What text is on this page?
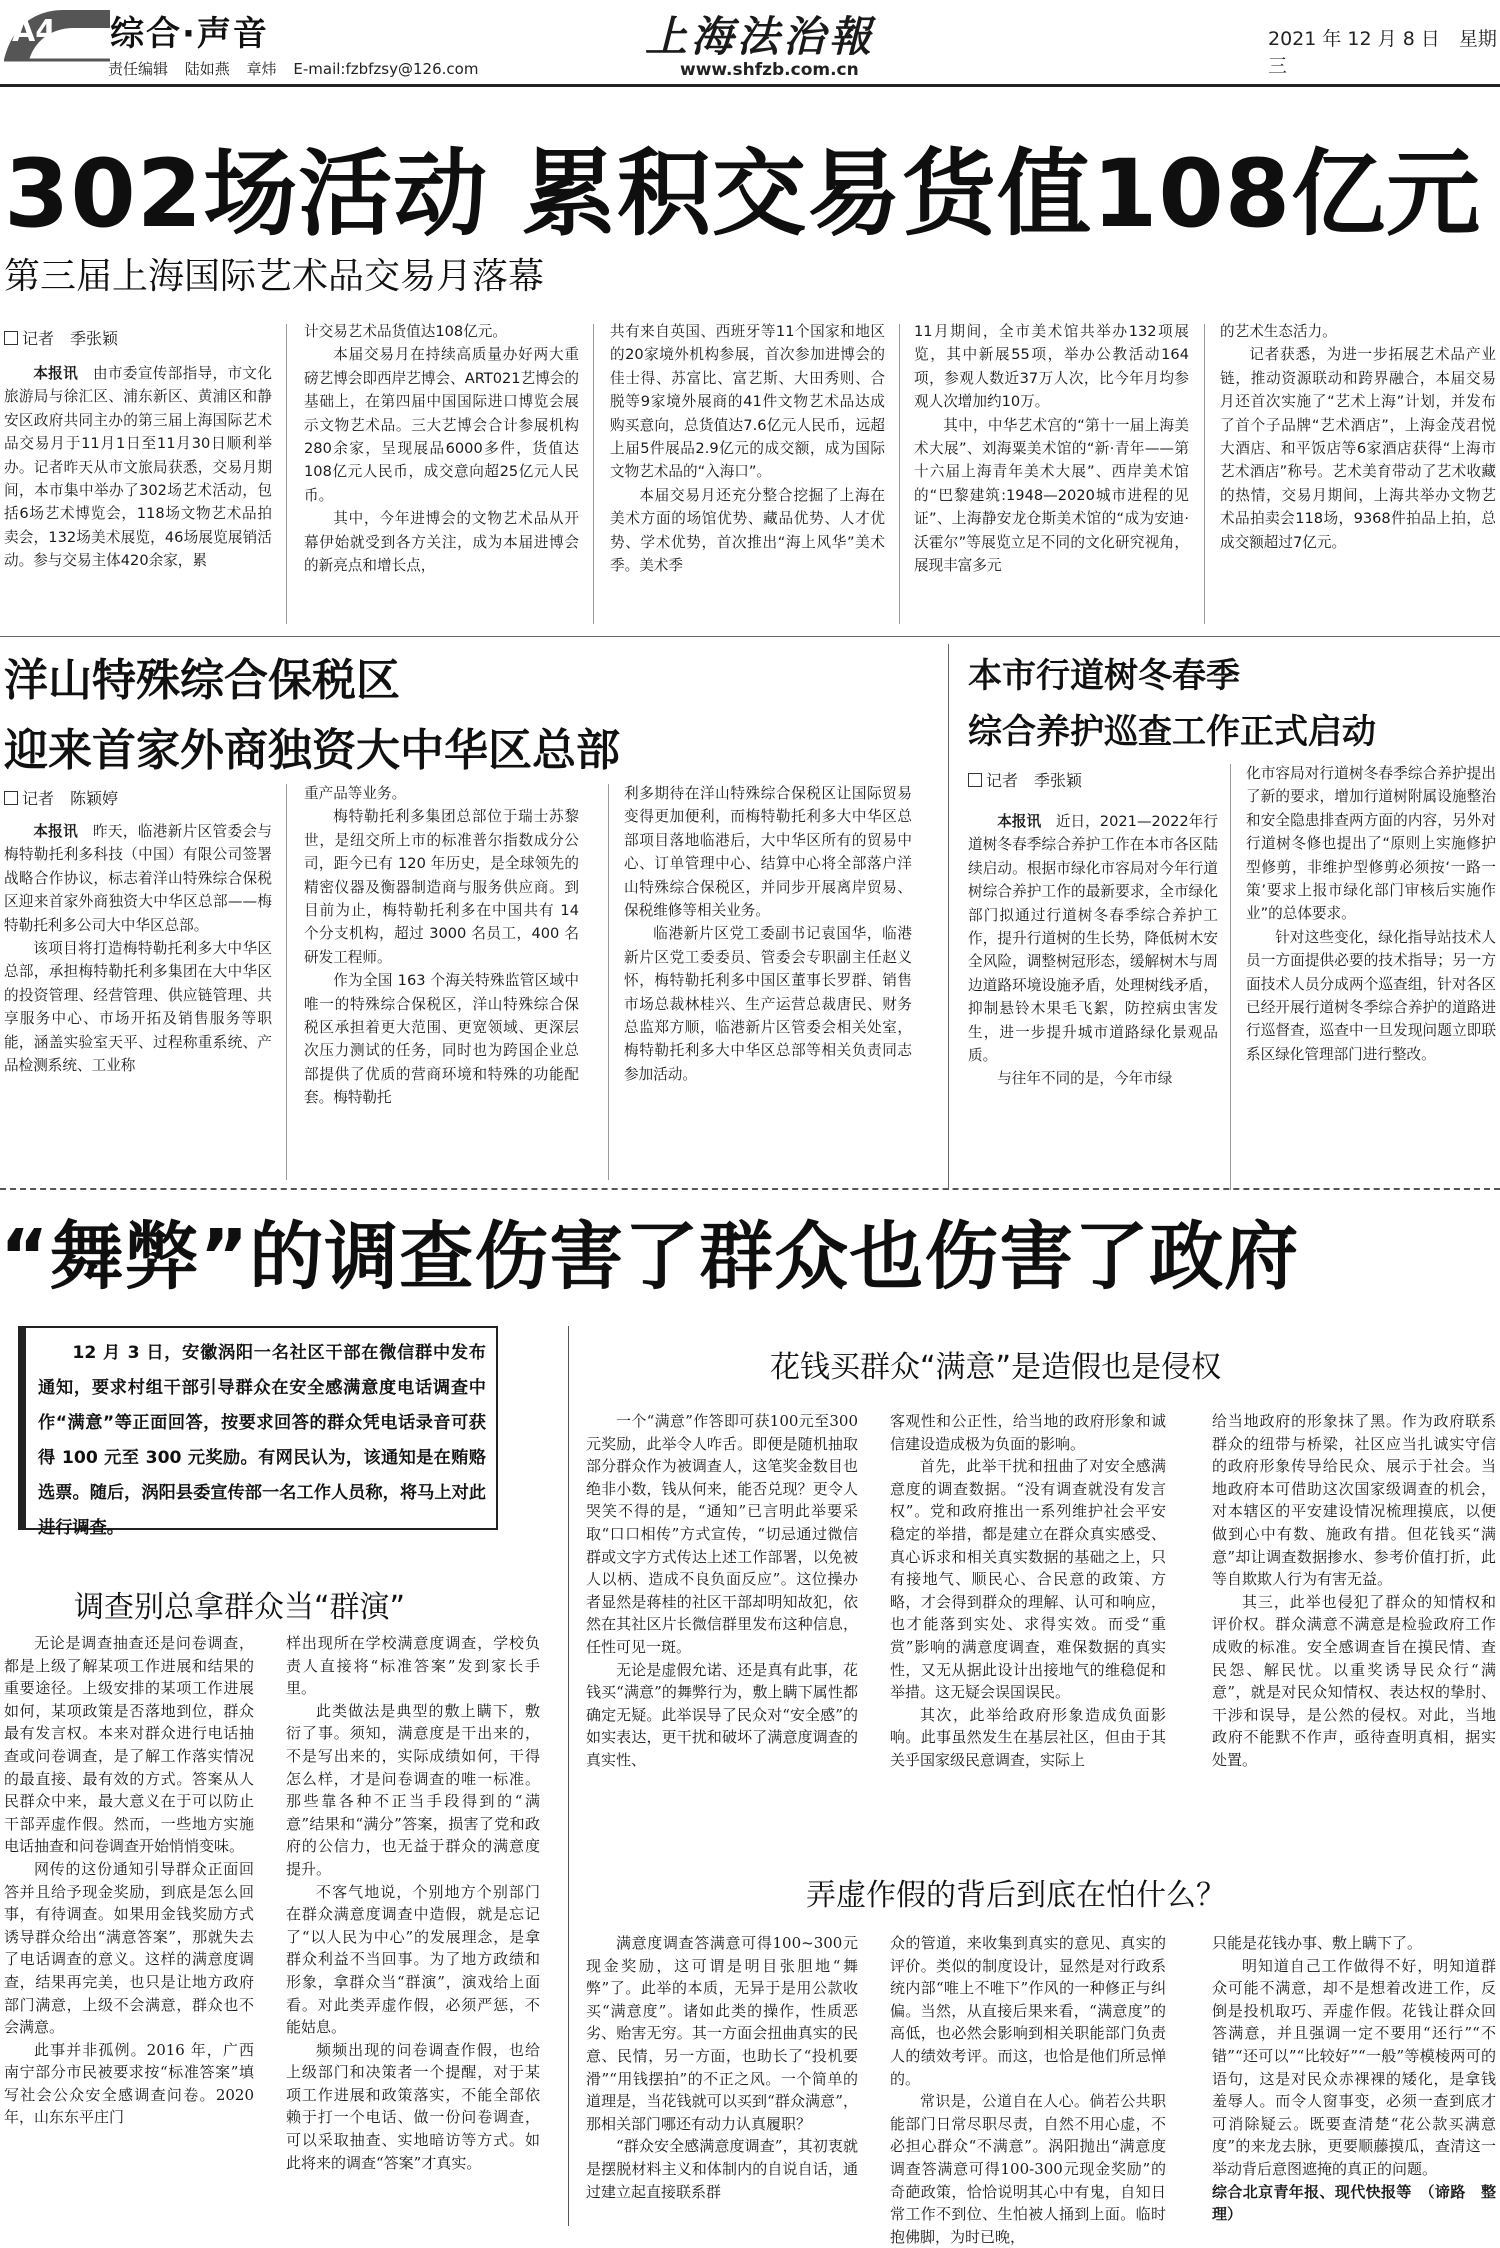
A4 综合·声音
责任编辑 陆如燕 章炜 E-mail:fzbfzsy@126.com
上海法治報
www.shfzb.com.cn
2021 年 12 月 8 日　星期三
302场活动 累积交易货值108亿元
第三届上海国际艺术品交易月落幕
记者　季张颖

本报讯　由市委宣传部指导，市文化旅游局与徐汇区、浦东新区、黄浦区和静安区政府共同主办的第三届上海国际艺术品交易月于11月1日至11月30日顺利举办。记者昨天从市文旅局获悉，交易月期间，本市集中举办了302场艺术活动，包括6场艺术博览会，118场文物艺术品拍卖会，132场美术展览，46场展览展销活动。参与交易主体420余家，累

计交易艺术品货值达108亿元。

本届交易月在持续高质量办好两大重磅艺博会即西岸艺博会、ART021艺博会的基础上，在第四届中国国际进口博览会展示文物艺术品。三大艺博会合计参展机构280余家，呈现展品6000多件，货值达108亿元人民币，成交意向超25亿元人民币。

其中，今年进博会的文物艺术品从开幕伊始就受到各方关注，成为本届进博会的新亮点和增长点，

共有来自英国、西班牙等11个国家和地区的20家境外机构参展，首次参加进博会的佳士得、苏富比、富艺斯、大田秀则、合脱等9家境外展商的41件文物艺术品达成购买意向，总货值达7.6亿元人民币，远超上届5件展品2.9亿元的成交额，成为国际文物艺术品的“入海口”。

本届交易月还充分整合挖掘了上海在美术方面的场馆优势、藏品优势、人才优势、学术优势，首次推出“海上风华”美术季。美术季

11月期间，全市美术馆共举办132项展览，其中新展55项，举办公教活动164项，参观人数近37万人次，比今年月均参观人次增加约10万。

其中，中华艺术宫的“第十一届上海美术大展”、刘海粟美术馆的“新·青年——第十六届上海青年美术大展”、西岸美术馆的“巴黎建筑:1948—2020城市进程的见证”、上海静安龙仓斯美术馆的“成为安迪·沃霍尔”等展览立足不同的文化研究视角，展现丰富多元

的艺术生态活力。

记者获悉，为进一步拓展艺术品产业链，推动资源联动和跨界融合，本届交易月还首次实施了“艺术上海”计划，并发布了首个子品牌“艺术酒店”，上海金茂君悦大酒店、和平饭店等6家酒店获得“上海市艺术酒店”称号。艺术美育带动了艺术收藏的热情，交易月期间，上海共举办文物艺术品拍卖会118场，9368件拍品上拍，总成交额超过7亿元。

洋山特殊综合保税区
迎来首家外商独资大中华区总部
记者　陈颖婷

本报讯　昨天，临港新片区管委会与梅特勒托利多科技（中国）有限公司签署战略合作协议，标志着洋山特殊综合保税区迎来首家外商独资大中华区总部——梅特勒托利多公司大中华区总部。

该项目将打造梅特勒托利多大中华区总部，承担梅特勒托利多集团在大中华区的投资管理、经营管理、供应链管理、共享服务中心、市场开拓及销售服务等职能，涵盖实验室天平、过程称重系统、产品检测系统、工业称

重产品等业务。

梅特勒托利多集团总部位于瑞士苏黎世，是纽交所上市的标准普尔指数成分公司，距今已有 120 年历史，是全球领先的精密仪器及衡器制造商与服务供应商。到目前为止，梅特勒托利多在中国共有 14 个分支机构，超过 3000 名员工，400 名研发工程师。

作为全国 163 个海关特殊监管区域中唯一的特殊综合保税区，洋山特殊综合保税区承担着更大范围、更宽领域、更深层次压力测试的任务，同时也为跨国企业总部提供了优质的营商环境和特殊的功能配套。梅特勒托

利多期待在洋山特殊综合保税区让国际贸易变得更加便利，而梅特勒托利多大中华区总部项目落地临港后，大中华区所有的贸易中心、订单管理中心、结算中心将全部落户洋山特殊综合保税区，并同步开展离岸贸易、保税维修等相关业务。

临港新片区党工委副书记袁国华，临港新片区党工委委员、管委会专职副主任赵义怀，梅特勒托利多中国区董事长罗群、销售市场总裁林桂兴、生产运营总裁唐民、财务总监郑方顺，临港新片区管委会相关处室，梅特勒托利多大中华区总部等相关负责同志参加活动。

本市行道树冬春季
综合养护巡查工作正式启动
记者　季张颖

本报讯　近日，2021—2022年行道树冬春季综合养护工作在本市各区陆续启动。根据市绿化市容局对今年行道树综合养护工作的最新要求，全市绿化部门拟通过行道树冬春季综合养护工作，提升行道树的生长势，降低树木安全风险，调整树冠形态，缓解树木与周边道路环境设施矛盾，处理树线矛盾，抑制悬铃木果毛飞絮，防控病虫害发生，进一步提升城市道路绿化景观品质。

与往年不同的是，今年市绿

化市容局对行道树冬春季综合养护提出了新的要求，增加行道树附属设施整治和安全隐患排查两方面的内容，另外对行道树冬修也提出了“原则上实施修护型修剪，非维护型修剪必须按‘一路一策’要求上报市绿化部门审核后实施作业”的总体要求。

针对这些变化，绿化指导站技术人员一方面提供必要的技术指导；另一方面技术人员分成两个巡查组，针对各区已经开展行道树冬季综合养护的道路进行巡督查，巡查中一旦发现问题立即联系区绿化管理部门进行整改。

“舞弊”的调查伤害了群众也伤害了政府

12 月 3 日，安徽涡阳一名社区干部在微信群中发布通知，要求村组干部引导群众在安全感满意度电话调查中作“满意”等正面回答，按要求回答的群众凭电话录音可获得 100 元至 300 元奖励。有网民认为，该通知是在贿赂选票。随后，涡阳县委宣传部一名工作人员称，将马上对此进行调查。

调查别总拿群众当“群演”

无论是调查抽查还是问卷调查，都是上级了解某项工作进展和结果的重要途径。上级安排的某项工作进展如何，某项政策是否落地到位，群众最有发言权。本来对群众进行电话抽查或问卷调查，是了解工作落实情况的最直接、最有效的方式。答案从人民群众中来，最大意义在于可以防止干部弄虚作假。然而，一些地方实施电话抽查和问卷调查开始悄悄变味。

网传的这份通知引导群众正面回答并且给予现金奖励，到底是怎么回事，有待调查。如果用金钱奖励方式诱导群众给出“满意答案”，那就失去了电话调查的意义。这样的满意度调查，结果再完美，也只是让地方政府部门满意，上级不会满意，群众也不会满意。

此事并非孤例。2016 年，广西南宁部分市民被要求按“标准答案”填写社会公众安全感调查问卷。2020 年，山东东平庄门

样出现所在学校满意度调查，学校负责人直接将“标准答案”发到家长手里。

此类做法是典型的敷上瞒下，敷衍了事。须知，满意度是干出来的，不是写出来的，实际成绩如何，干得怎么样，才是问卷调查的唯一标准。那些靠各种不正当手段得到的“满意”结果和“满分”答案，损害了党和政府的公信力，也无益于群众的满意度提升。

不客气地说，个别地方个别部门在群众满意度调查中造假，就是忘记了“以人民为中心”的发展理念，是拿群众利益不当回事。为了地方政绩和形象，拿群众当“群演”，演戏给上面看。对此类弄虚作假，必须严惩，不能姑息。

频频出现的问卷调查作假，也给上级部门和决策者一个提醒，对于某项工作进展和政策落实，不能全部依赖于打一个电话、做一份问卷调查，可以采取抽查、实地暗访等方式。如此将来的调查“答案”才真实。

花钱买群众“满意”是造假也是侵权

一个“满意”作答即可获100元至300元奖励，此举令人咋舌。即便是随机抽取部分群众作为被调查人，这笔奖金数目也绝非小数，钱从何来，能否兑现？更令人哭笑不得的是，“通知”已言明此举要采取“口口相传”方式宣传，“切忌通过微信群或文字方式传达上述工作部署，以免被人以柄、造成不良负面反应”。这位操办者显然是蒋桂的社区干部却明知故犯，依然在其社区片长微信群里发布这种信息，任性可见一斑。

无论是虚假允诺、还是真有此事，花钱买“满意”的舞弊行为，敷上瞒下属性都确定无疑。此举误导了民众对“安全感”的如实表达，更干扰和破坏了满意度调查的真实性、

客观性和公正性，给当地的政府形象和诚信建设造成极为负面的影响。

首先，此举干扰和扭曲了对安全感满意度的调查数据。“没有调查就没有发言权”。党和政府推出一系列维护社会平安稳定的举措，都是建立在群众真实感受、真心诉求和相关真实数据的基础之上，只有接地气、顺民心、合民意的政策、方略，才会得到群众的理解、认可和响应，也才能落到实处、求得实效。而受“重赏”影响的满意度调查，难保数据的真实性，又无从据此设计出接地气的维稳促和举措。这无疑会误国误民。

其次，此举给政府形象造成负面影响。此事虽然发生在基层社区，但由于其关乎国家级民意调查，实际上

给当地政府的形象抹了黑。作为政府联系群众的纽带与桥梁，社区应当扎诚实守信的政府形象传导给民众、展示于社会。当地政府本可借助这次国家级调查的机会，对本辖区的平安建设情况梳理摸底，以便做到心中有数、施政有措。但花钱买“满意”却让调查数据掺水、参考价值打折，此等自欺欺人行为有害无益。

其三，此举也侵犯了群众的知情权和评价权。群众满意不满意是检验政府工作成败的标准。安全感调查旨在摸民情、查民怨、解民忧。以重奖诱导民众行“满意”，就是对民众知情权、表达权的挚肘、干涉和误导，是公然的侵权。对此，当地政府不能默不作声，亟待查明真相，据实处置。

弄虚作假的背后到底在怕什么？

满意度调查答满意可得100~300元现金奖励，这可谓是明目张胆地“舞弊”了。此举的本质，无异于是用公款收买“满意度”。诸如此类的操作，性质恶劣、贻害无穷。其一方面会扭曲真实的民意、民情，另一方面，也助长了“投机要滑”“用钱摆拍”的不正之风。一个简单的道理是，当花钱就可以买到“群众满意”，那相关部门哪还有动力认真履职？

“群众安全感满意度调查”，其初衷就是摆脱材料主义和体制内的自说自话，通过建立起直接联系群

众的管道，来收集到真实的意见、真实的评价。类似的制度设计，显然是对行政系统内部“唯上不唯下”作风的一种修正与纠偏。当然，从直接后果来看，“满意度”的高低，也必然会影响到相关职能部门负责人的绩效考评。而这，也恰是他们所忌惮的。

常识是，公道自在人心。倘若公共职能部门日常尽职尽责，自然不用心虚，不必担心群众“不满意”。涡阳抛出“满意度调查答满意可得100-300元现金奖励”的奇葩政策，恰恰说明其心中有鬼，自知日常工作不到位、生怕被人捅到上面。临时抱佛脚，为时已晚，

只能是花钱办事、敷上瞒下了。

明知道自己工作做得不好，明知道群众可能不满意，却不是想着改进工作，反倒是投机取巧、弄虚作假。花钱让群众回答满意，并且强调一定不要用“还行”“不错”“还可以”“比较好”“一般”等模棱两可的语句，这是对民众赤裸裸的矮化，是拿钱羞辱人。而令人窗事变，必须一查到底才可消除疑云。既要查清楚“花公款买满意度”的来龙去脉，更要顺藤摸瓜，查清这一举动背后意图遮掩的真正的问题。

综合北京青年报、现代快报等　（谛路　整理）
